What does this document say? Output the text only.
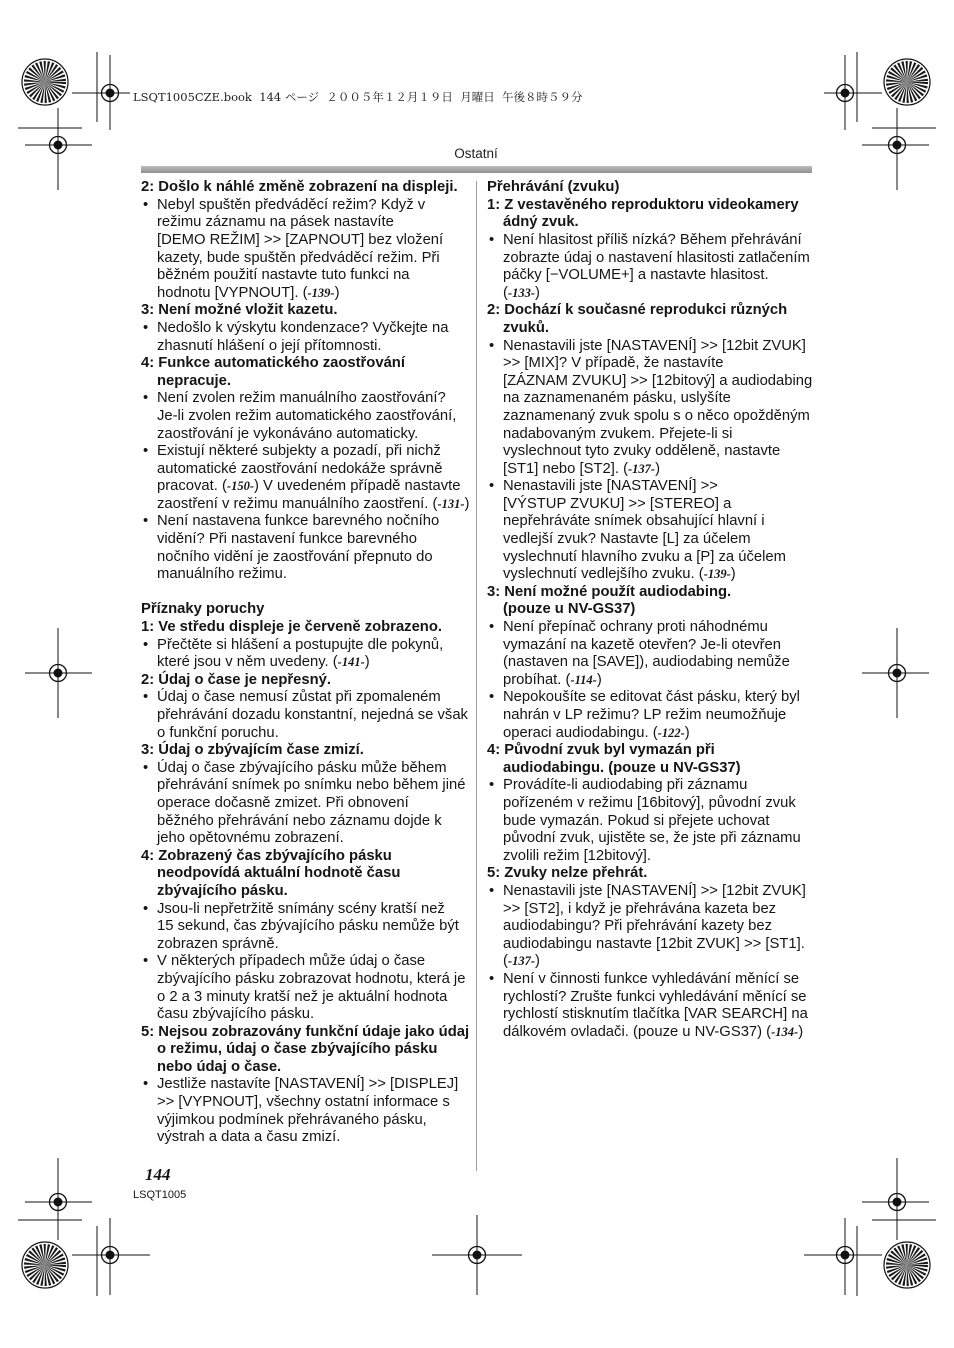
LSQT1005CZE.book  144 ページ  ２００５年１２月１９日  月曜日  午後８時５９分
Ostatní
2: Došlo k náhlé změně zobrazení na displeji.
• Nebyl spuštěn předváděcí režim? Když v
režimu záznamu na pásek nastavíte
[DEMO REŽIM] >> [ZAPNOUT] bez vložení
kazety, bude spuštěn předváděcí režim. Při
běžném použití nastavte tuto funkci na
hodnotu [VYPNOUT]. (-139-)
3: Není možné vložit kazetu.
• Nedošlo k výskytu kondenzace? Vyčkejte na
zhasnutí hlášení o její přítomnosti.
4: Funkce automatického zaostřování
nepracuje.
• Není zvolen režim manuálního zaostřování?
Je-li zvolen režim automatického zaostřování,
zaostřování je vykonáváno automaticky.
• Existují některé subjekty a pozadí, při nichž
automatické zaostřování nedokáže správně
pracovat. (-150-) V uvedeném případě nastavte
zaostření v režimu manuálního zaostření. (-131-)
• Není nastavena funkce barevného nočního
vidění? Při nastavení funkce barevného
nočního vidění je zaostřování přepnuto do
manuálního režimu.
Příznaky poruchy
1: Ve středu displeje je červeně zobrazeno.
• Přečtěte si hlášení a postupujte dle pokynů,
které jsou v něm uvedeny. (-141-)
2: Údaj o čase je nepřesný.
• Údaj o čase nemusí zůstat při zpomaleném
přehrávání dozadu konstantní, nejedná se však
o funkční poruchu.
3: Údaj o zbývajícím čase zmizí.
• Údaj o čase zbývajícího pásku může během
přehrávání snímek po snímku nebo během jiné
operace dočasně zmizet. Při obnovení
běžného přehrávání nebo záznamu dojde k
jeho opětovnému zobrazení.
4: Zobrazený čas zbývajícího pásku
neodpovídá aktuální hodnotě času
zbývajícího pásku.
• Jsou-li nepřetržitě snímány scény kratší než
15 sekund, čas zbývajícího pásku nemůže být
zobrazen správně.
• V některých případech může údaj o čase
zbývajícího pásku zobrazovat hodnotu, která je
o 2 a 3 minuty kratší než je aktuální hodnota
času zbývajícího pásku.
5: Nejsou zobrazovány funkční údaje jako údaj
o režimu, údaj o čase zbývajícího pásku
nebo údaj o čase.
• Jestliže nastavíte [NASTAVENÍ] >> [DISPLEJ]
>> [VYPNOUT], všechny ostatní informace s
výjimkou podmínek přehrávaného pásku,
výstrah a data a času zmizí.
Přehrávání (zvuku)
1: Z vestavěného reproduktoru videokamery
ádný zvuk.
• Není hlasitost příliš nízká? Během přehrávání
zobrazte údaj o nastavení hlasitosti zatlačením
páčky [−VOLUME+] a nastavte hlasitost.
(-133-)
2: Dochází k současné reprodukci různých
zvuků.
• Nenastavili jste [NASTAVENÍ] >> [12bit ZVUK]
>> [MIX]? V případě, že nastavíte
[ZÁZNAM ZVUKU] >> [12bitový] a audiodabing
na zaznamenaném pásku, uslyšíte
zaznamenaný zvuk spolu s o něco opožděným
nadabovaným zvukem. Přejete-li si
vyslechnout tyto zvuky odděleně, nastavte
[ST1] nebo [ST2]. (-137-)
• Nenastavili jste [NASTAVENÍ] >>
[VÝSTUP ZVUKU] >> [STEREO] a
nepřehráváte snímek obsahující hlavní i
vedlejší zvuk? Nastavte [L] za účelem
vyslechnutí hlavního zvuku a [P] za účelem
vyslechnutí vedlejšího zvuku. (-139-)
3: Není možné použít audiodabing.
(pouze u NV-GS37)
• Není přepínač ochrany proti náhodnému
vymazání na kazetě otevřen? Je-li otevřen
(nastaven na [SAVE]), audiodabing nemůže
probíhat. (-114-)
• Nepokoušíte se editovat část pásku, který byl
nahrán v LP režimu? LP režim neumožňuje
operaci audiodabingu. (-122-)
4: Původní zvuk byl vymazán při
audiodabingu. (pouze u NV-GS37)
• Provádíte-li audiodabing při záznamu
pořízeném v režimu [16bitový], původní zvuk
bude vymazán. Pokud si přejete uchovat
původní zvuk, ujistěte se, že jste při záznamu
zvolili režim [12bitový].
5: Zvuky nelze přehrát.
• Nenastavili jste [NASTAVENÍ] >> [12bit ZVUK]
>> [ST2], i když je přehrávána kazeta bez
audiodabingu? Při přehrávání kazety bez
audiodabingu nastavte [12bit ZVUK] >> [ST1].
(-137-)
• Není v činnosti funkce vyhledávání měnící se
rychlostí? Zrušte funkci vyhledávání měnící se
rychlostí stisknutím tlačítka [VAR SEARCH] na
dálkovém ovladači. (pouze u NV-GS37) (-134-)
144
LSQT1005
